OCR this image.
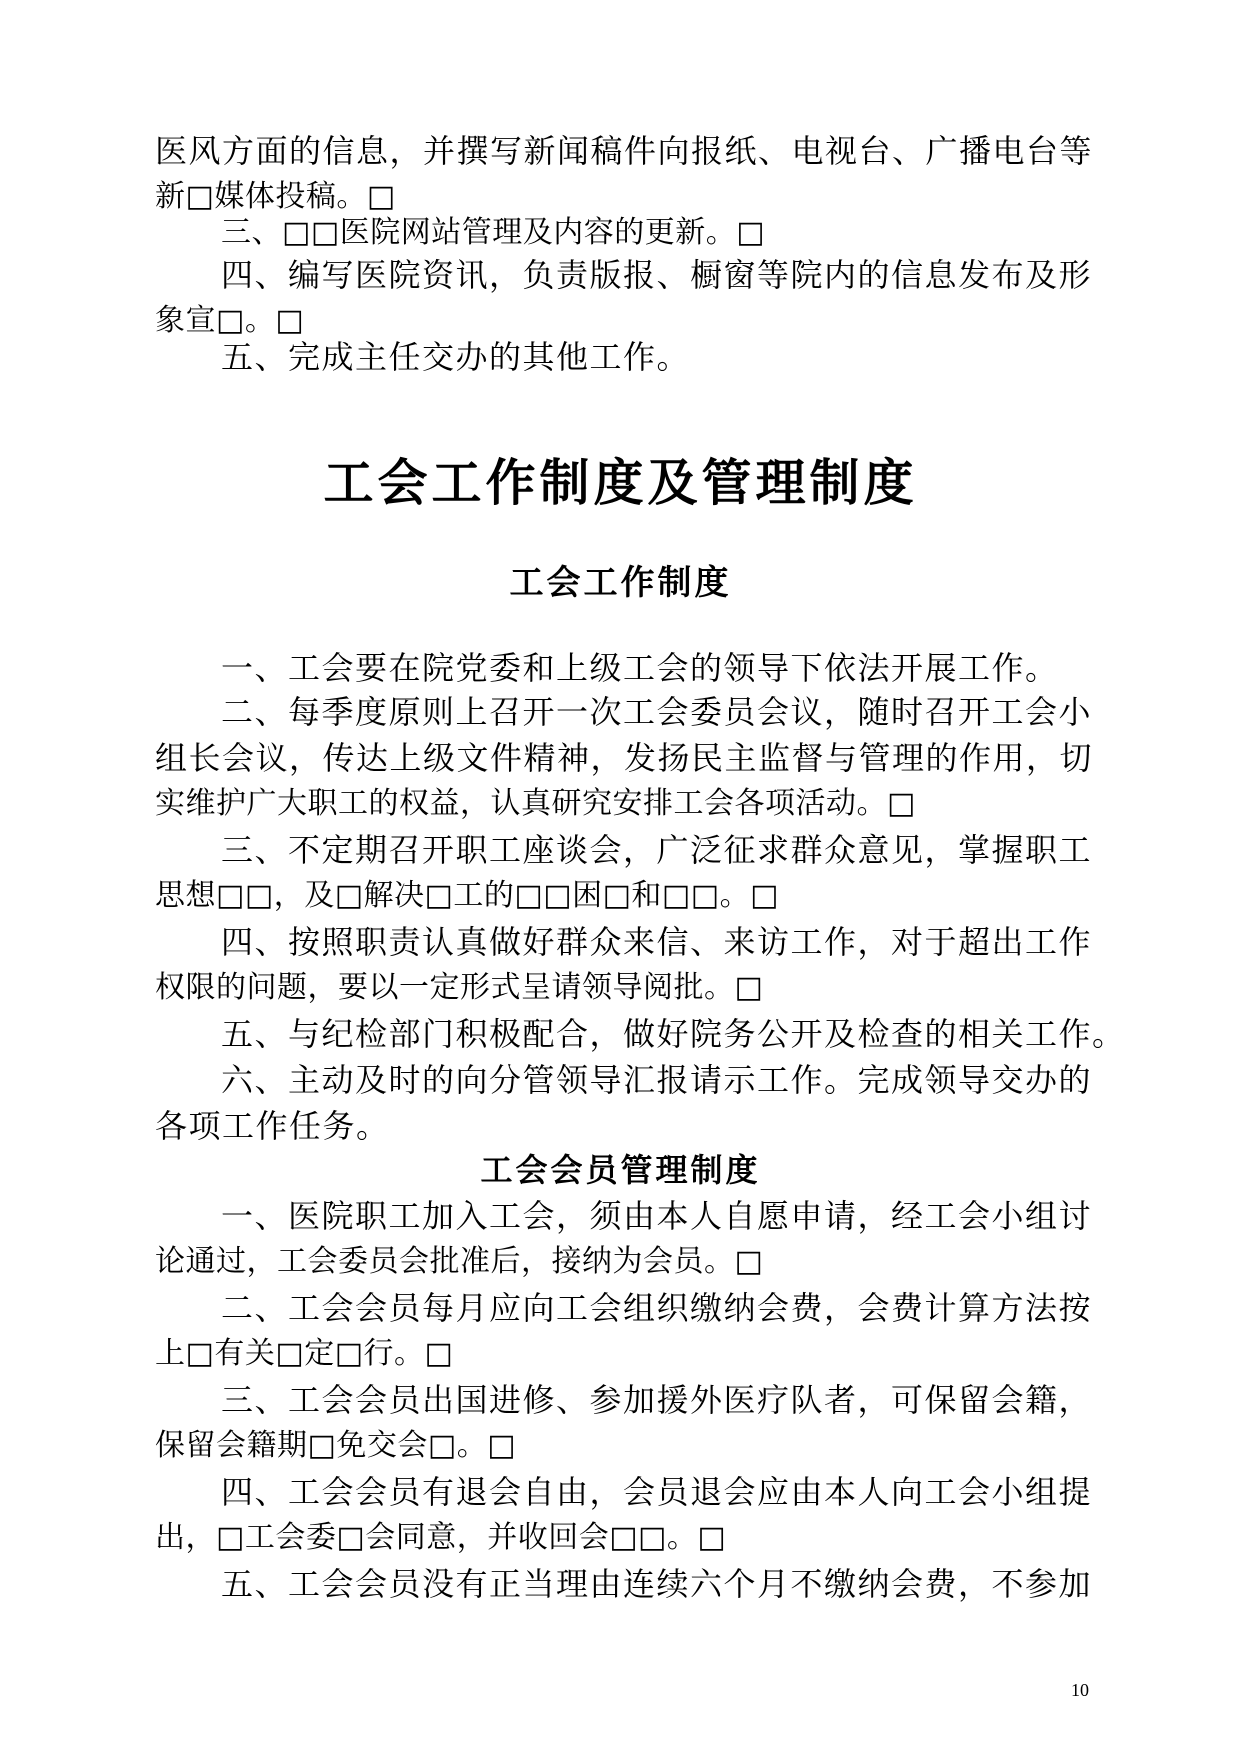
医风方面的信息，并撰写新闻稿件向报纸、电视台、广播电台等
新□媒体投稿。□

三、□□医院网站管理及内容的更新。□

四、编写医院资讯，负责版报、橱窗等院内的信息发布及形
象宣□。□

五、完成主任交办的其他工作。

工会工作制度及管理制度
工会工作制度

一、工会要在院党委和上级工会的领导下依法开展工作。

二、每季度原则上召开一次工会委员会议，随时召开工会小
组长会议，传达上级文件精神，发扬民主监督与管理的作用，切
实维护广大职工的权益，认真研究安排工会各项活动。□

三、不定期召开职工座谈会，广泛征求群众意见，掌握职工
思想□□，及□解决□工的□□困□和□□。□

四、按照职责认真做好群众来信、来访工作，对于超出工作
权限的问题，要以一定形式呈请领导阅批。□

五、与纪检部门积极配合，做好院务公开及检查的相关工作。

六、主动及时的向分管领导汇报请示工作。完成领导交办的
各项工作任务。

工会会员管理制度

一、医院职工加入工会，须由本人自愿申请，经工会小组讨
论通过，工会委员会批准后，接纳为会员。□

二、工会会员每月应向工会组织缴纳会费，会费计算方法按
上□有关□定□行。□

三、工会会员出国进修、参加援外医疗队者，可保留会籍，
保留会籍期□免交会□。□

四、工会会员有退会自由，会员退会应由本人向工会小组提
出，□工会委□会同意，并收回会□□。□

五、工会会员没有正当理由连续六个月不缴纳会费，不参加

10
